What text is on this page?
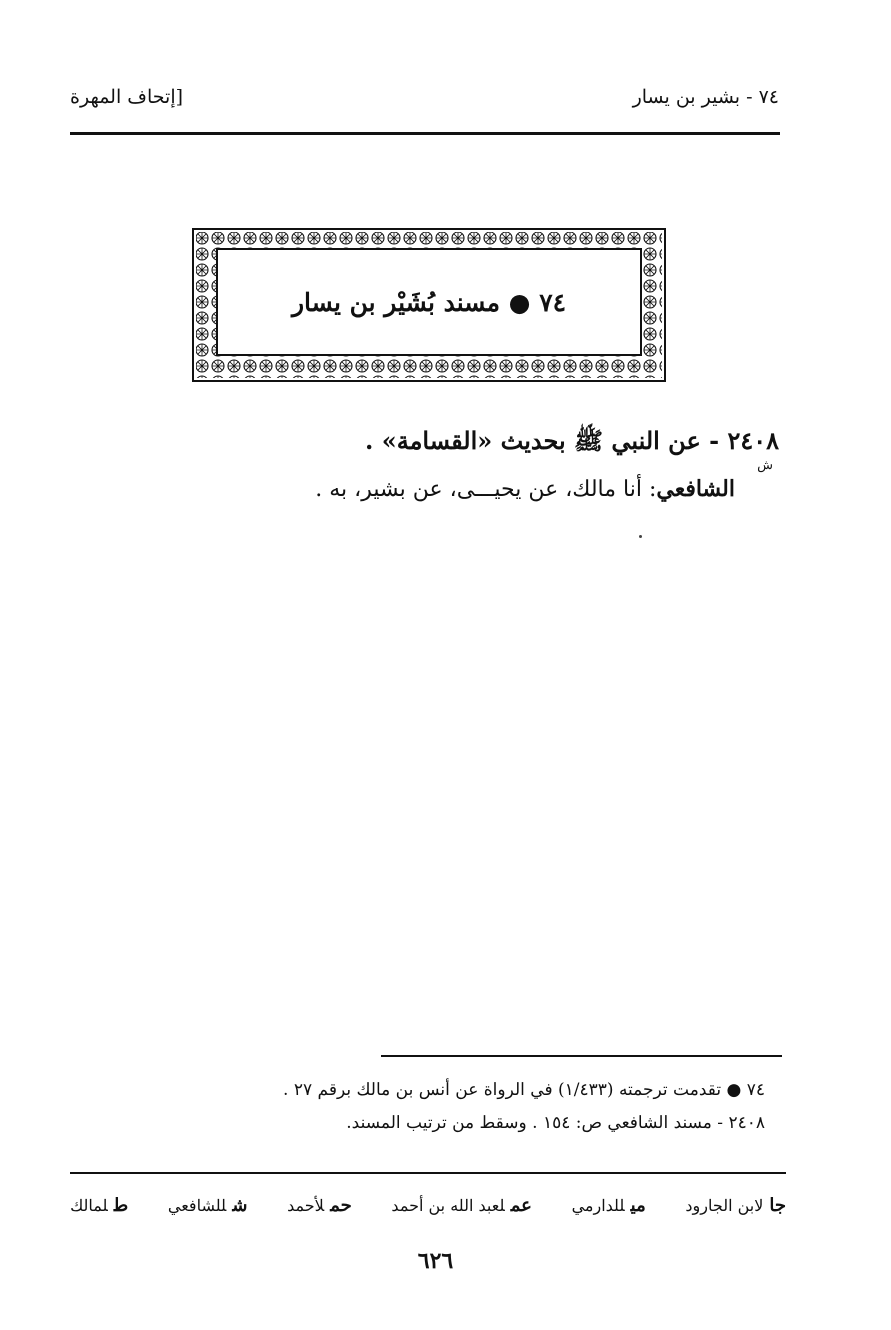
٧٤ - بشير بن يسار
[إتحاف المهرة
٧٤ ● مسند بُشَيْر بن يسار
٢٤٠٨ - عن النبي ﷺ بحديث «القسامة» .
ش
الشافعي: أنا مالك، عن يحيـــى، عن بشير، به .
٧٤ ● تقدمت ترجمته (١/٤٣٣) في الرواة عن أنس بن مالك برقم ٢٧ .
٢٤٠٨ - مسند الشافعي ص: ١٥٤ . وسقط من ترتيب المسند.
طلمالك	شللشافعي	حملأحمد	عملعبد الله بن أحمد	ميللدارمي	جالابن الجارود
٦٢٦
